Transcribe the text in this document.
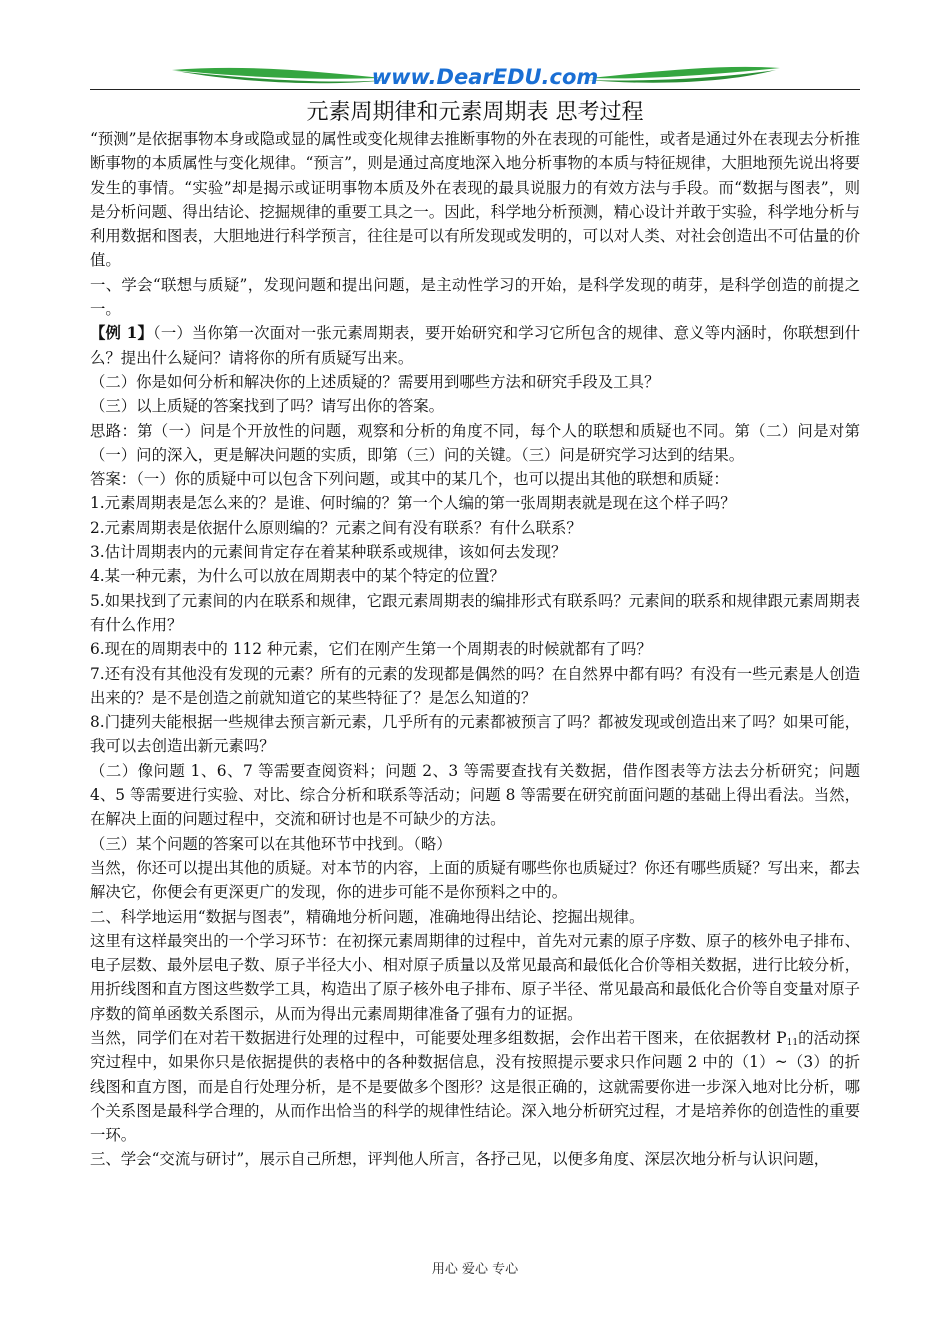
www.DearEDU.com
元素周期律和元素周期表 思考过程

“预测”是依据事物本身或隐或显的属性或变化规律去推断事物的外在表现的可能性，或者是通过外在表现去分析推断事物的本质属性与变化规律。“预言”，则是通过高度地深入地分析事物的本质与特征规律，大胆地预先说出将要发生的事情。“实验”却是揭示或证明事物本质及外在表现的最具说服力的有效方法与手段。而“数据与图表”，则是分析问题、得出结论、挖掘规律的重要工具之一。因此，科学地分析预测，精心设计并敢于实验，科学地分析与利用数据和图表，大胆地进行科学预言，往往是可以有所发现或发明的，可以对人类、对社会创造出不可估量的价值。

一、学会“联想与质疑”，发现问题和提出问题，是主动性学习的开始，是科学发现的萌芽，是科学创造的前提之一。

【例 1】（一）当你第一次面对一张元素周期表，要开始研究和学习它所包含的规律、意义等内涵时，你联想到什么？提出什么疑问？请将你的所有质疑写出来。

（二）你是如何分析和解决你的上述质疑的？需要用到哪些方法和研究手段及工具？

（三）以上质疑的答案找到了吗？请写出你的答案。

思路：第（一）问是个开放性的问题，观察和分析的角度不同，每个人的联想和质疑也不同。第（二）问是对第（一）问的深入，更是解决问题的实质，即第（三）问的关键。（三）问是研究学习达到的结果。

答案：（一）你的质疑中可以包含下列问题，或其中的某几个，也可以提出其他的联想和质疑：

1.元素周期表是怎么来的？是谁、何时编的？第一个人编的第一张周期表就是现在这个样子吗？

2.元素周期表是依据什么原则编的？元素之间有没有联系？有什么联系？

3.估计周期表内的元素间肯定存在着某种联系或规律，该如何去发现？

4.某一种元素，为什么可以放在周期表中的某个特定的位置？

5.如果找到了元素间的内在联系和规律，它跟元素周期表的编排形式有联系吗？元素间的联系和规律跟元素周期表有什么作用？

6.现在的周期表中的 112 种元素，它们在刚产生第一个周期表的时候就都有了吗？

7.还有没有其他没有发现的元素？所有的元素的发现都是偶然的吗？在自然界中都有吗？有没有一些元素是人创造出来的？是不是创造之前就知道它的某些特征了？是怎么知道的？

8.门捷列夫能根据一些规律去预言新元素，几乎所有的元素都被预言了吗？都被发现或创造出来了吗？如果可能，我可以去创造出新元素吗？

（二）像问题 1、6、7 等需要查阅资料；问题 2、3 等需要查找有关数据，借作图表等方法去分析研究；问题 4、5 等需要进行实验、对比、综合分析和联系等活动；问题 8 等需要在研究前面问题的基础上得出看法。当然，在解决上面的问题过程中，交流和研讨也是不可缺少的方法。

（三）某个问题的答案可以在其他环节中找到。（略）

当然，你还可以提出其他的质疑。对本节的内容，上面的质疑有哪些你也质疑过？你还有哪些质疑？写出来，都去解决它，你便会有更深更广的发现，你的进步可能不是你预料之中的。

二、科学地运用“数据与图表”，精确地分析问题，准确地得出结论、挖掘出规律。

这里有这样最突出的一个学习环节：在初探元素周期律的过程中，首先对元素的原子序数、原子的核外电子排布、电子层数、最外层电子数、原子半径大小、相对原子质量以及常见最高和最低化合价等相关数据，进行比较分析，用折线图和直方图这些数学工具，构造出了原子核外电子排布、原子半径、常见最高和最低化合价等自变量对原子序数的简单函数关系图示，从而为得出元素周期律准备了强有力的证据。

当然，同学们在对若干数据进行处理的过程中，可能要处理多组数据，会作出若干图来，在依据教材 $P_{11}$的活动探究过程中，如果你只是依据提供的表格中的各种数据信息，没有按照提示要求只作问题 2 中的（1）~（3）的折线图和直方图，而是自行处理分析，是不是要做多个图形？这是很正确的，这就需要你进一步深入地对比分析，哪个关系图是最科学合理的，从而作出恰当的科学的规律性结论。深入地分析研究过程，才是培养你的创造性的重要一环。

三、学会“交流与研讨”，展示自己所想，评判他人所言，各抒己见，以便多角度、深层次地分析与认识问题，

用心 爱心 专心
